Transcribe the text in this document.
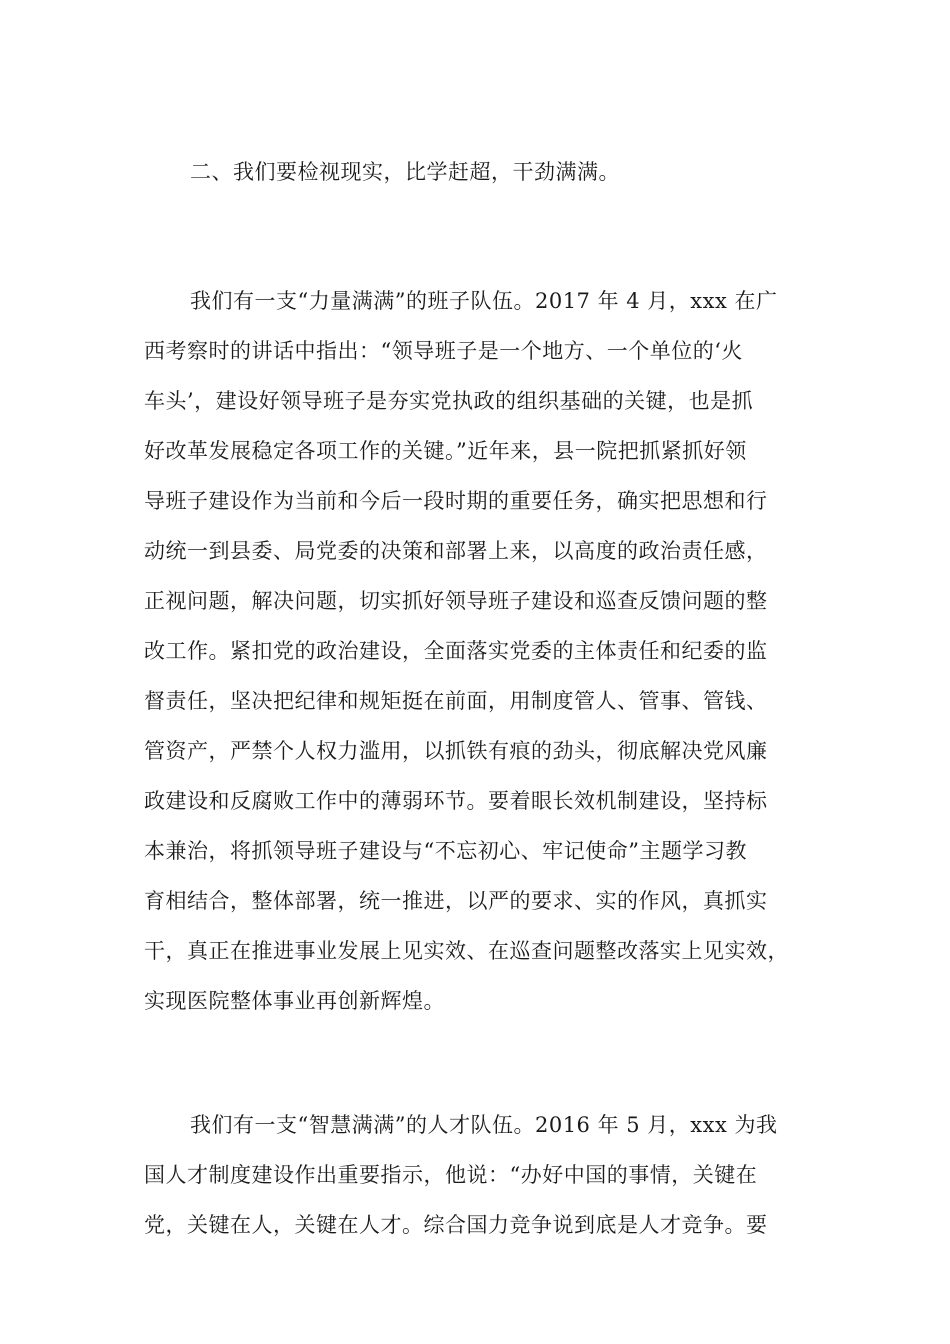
二、我们要检视现实，比学赶超，干劲满满。
我们有一支“力量满满”的班子队伍。2017 年 4 月，xxx 在广
西考察时的讲话中指出：“领导班子是一个地方、一个单位的‘火
车头’，建设好领导班子是夯实党执政的组织基础的关键，也是抓
好改革发展稳定各项工作的关键。”近年来，县一院把抓紧抓好领
导班子建设作为当前和今后一段时期的重要任务，确实把思想和行
动统一到县委、局党委的决策和部署上来，以高度的政治责任感，
正视问题，解决问题，切实抓好领导班子建设和巡查反馈问题的整
改工作。紧扣党的政治建设，全面落实党委的主体责任和纪委的监
督责任，坚决把纪律和规矩挺在前面，用制度管人、管事、管钱、
管资产，严禁个人权力滥用，以抓铁有痕的劲头，彻底解决党风廉
政建设和反腐败工作中的薄弱环节。要着眼长效机制建设，坚持标
本兼治，将抓领导班子建设与“不忘初心、牢记使命”主题学习教
育相结合，整体部署，统一推进，以严的要求、实的作风，真抓实
干，真正在推进事业发展上见实效、在巡查问题整改落实上见实效，
实现医院整体事业再创新辉煌。
我们有一支“智慧满满”的人才队伍。2016 年 5 月，xxx 为我
国人才制度建设作出重要指示，他说：“办好中国的事情，关键在
党，关键在人，关键在人才。综合国力竞争说到底是人才竞争。要
